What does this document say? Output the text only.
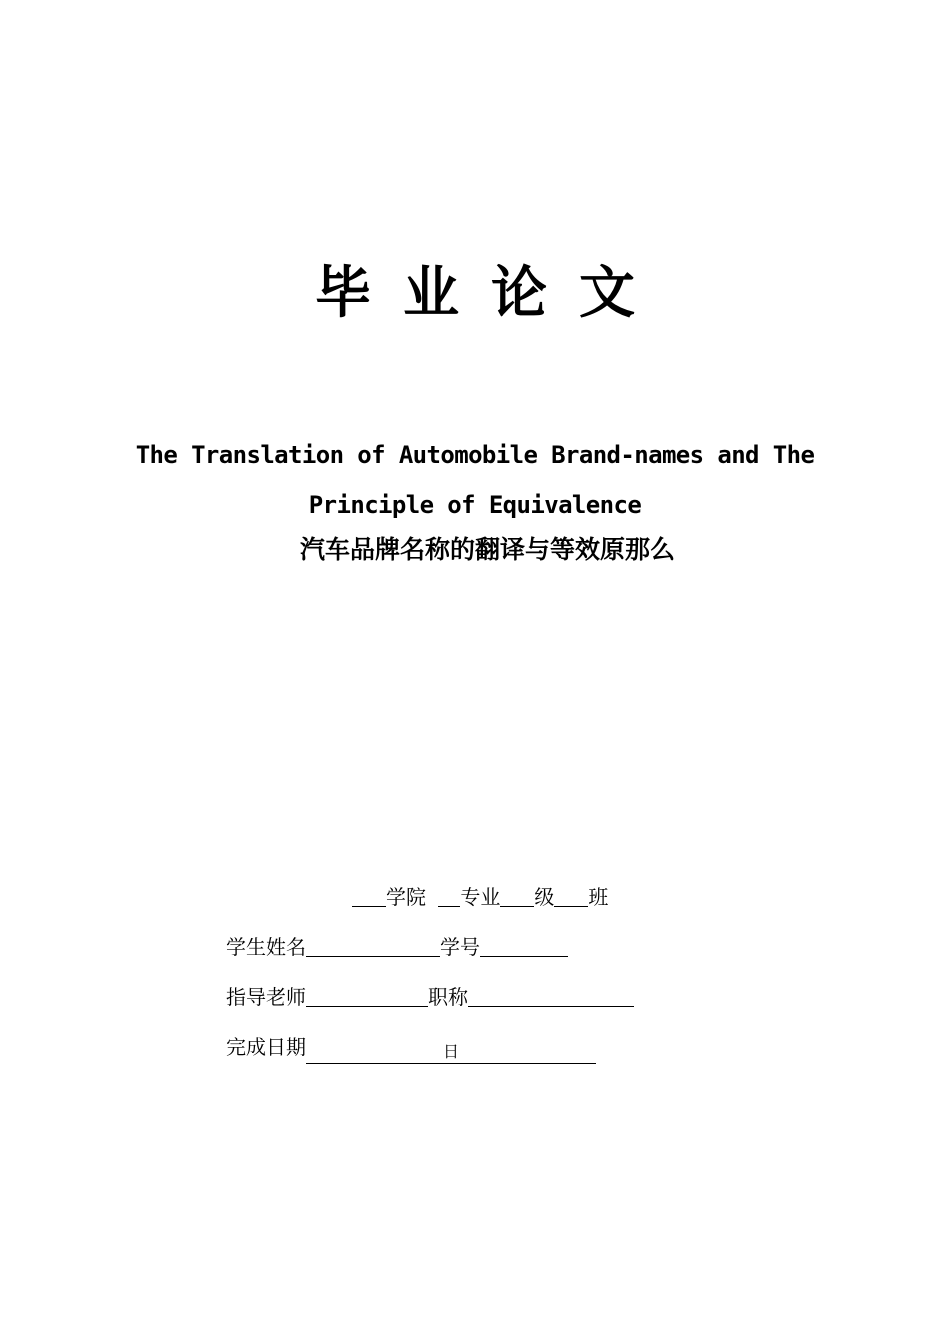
毕业论文
The Translation of Automobile Brand-names and The
Principle of Equivalence
汽车品牌名称的翻译与等效原那么
学院 专业 级 班
学生姓名	学号
指导老师	职称
完成日期	日
